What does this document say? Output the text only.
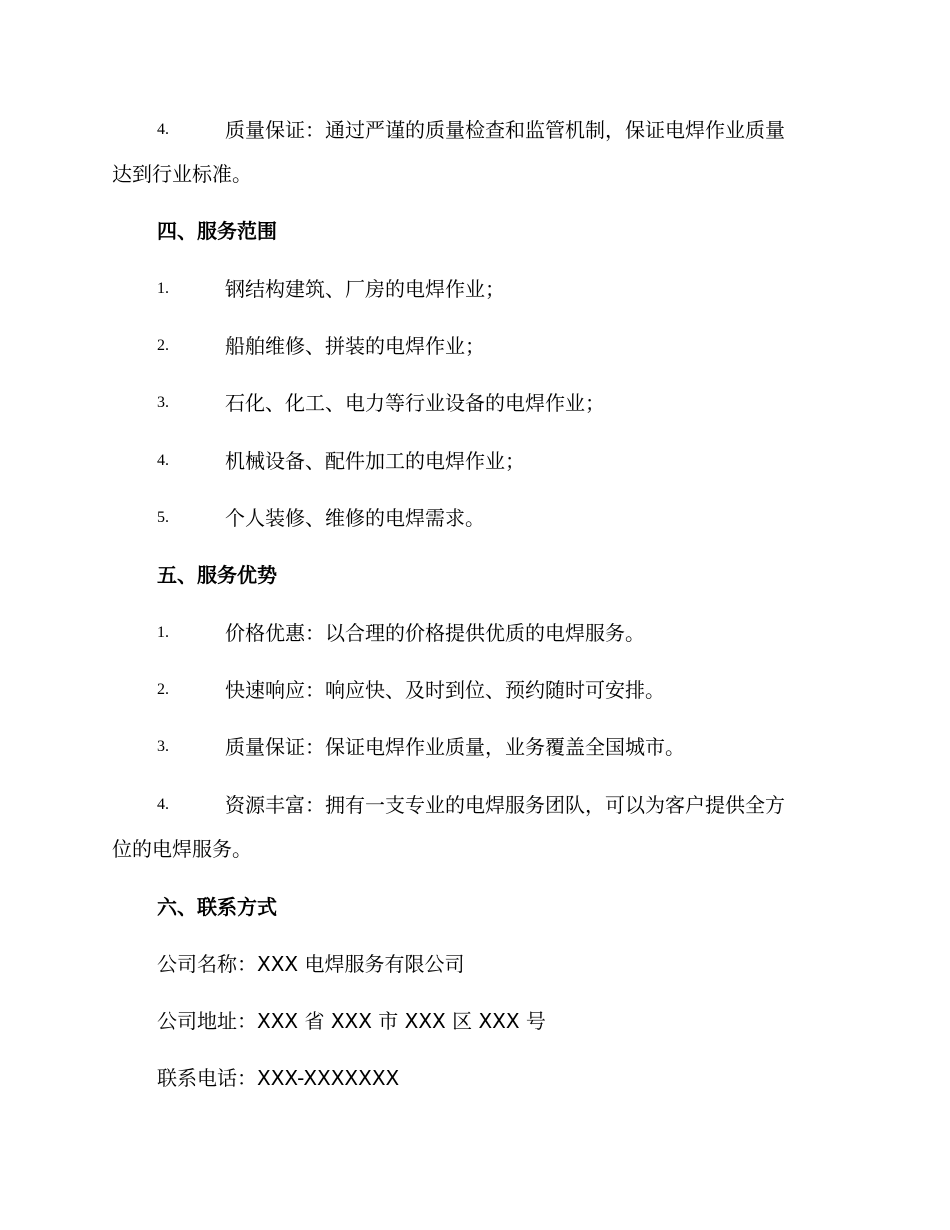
4.	质量保证：通过严谨的质量检查和监管机制，保证电焊作业质量
达到行业标准。
四、服务范围
1.	钢结构建筑、厂房的电焊作业；
2.	船舶维修、拼装的电焊作业；
3.	石化、化工、电力等行业设备的电焊作业；
4.	机械设备、配件加工的电焊作业；
5.	个人装修、维修的电焊需求。
五、服务优势
1.	价格优惠：以合理的价格提供优质的电焊服务。
2.	快速响应：响应快、及时到位、预约随时可安排。
3.	质量保证：保证电焊作业质量，业务覆盖全国城市。
4.	资源丰富：拥有一支专业的电焊服务团队，可以为客户提供全方
位的电焊服务。
六、联系方式
公司名称：XXX 电焊服务有限公司
公司地址：XXX 省 XXX 市 XXX 区 XXX 号
联系电话：XXX-XXXXXXX
